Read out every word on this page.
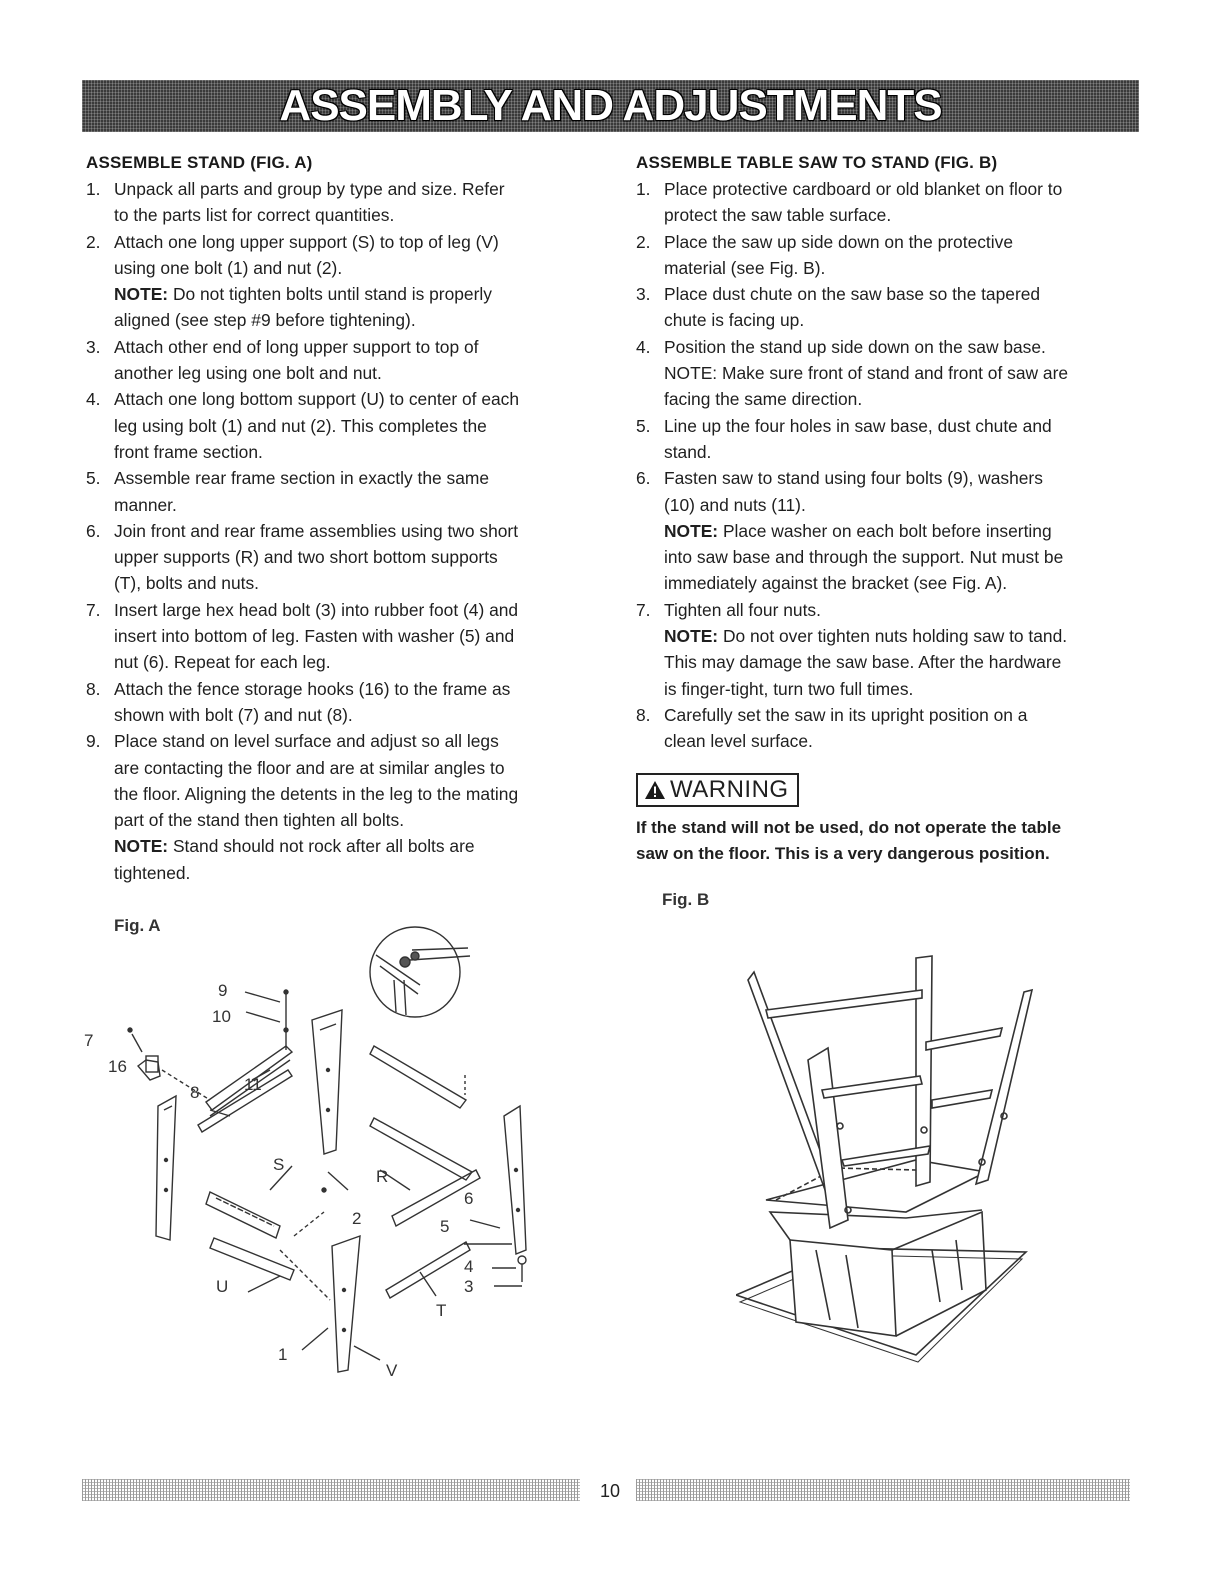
ASSEMBLY AND ADJUSTMENTS
ASSEMBLE STAND (FIG. A)
1. Unpack all parts and group by type and size. Refer
to the parts list for correct quantities.

2. Attach one long upper support (S) to top of leg (V)
using one bolt (1) and nut (2).
NOTE: Do not tighten bolts until stand is properly
aligned (see step #9 before tightening).
3. Attach other end of long upper support to top of
another leg using one bolt and nut.

4. Attach one long bottom support (U) to center of each
leg using bolt (1) and nut (2). This completes the
front frame section.

5. Assemble rear frame section in exactly the same
manner.

6. Join front and rear frame assemblies using two short
upper supports (R) and two short bottom supports
(T), bolts and nuts.

7. Insert large hex head bolt (3) into rubber foot (4) and
insert into bottom of leg. Fasten with washer (5) and
nut (6). Repeat for each leg.

8. Attach the fence storage hooks (16) to the frame as
shown with bolt (7) and nut (8).

9. Place stand on level surface and adjust so all legs
are contacting the floor and are at similar angles to
the floor. Aligning the detents in the leg to the mating
part of the stand then tighten all bolts.
NOTE: Stand should not rock after all bolts are
tightened.
ASSEMBLE TABLE SAW TO STAND (FIG. B)
1. Place protective cardboard or old blanket on floor to
protect the saw table surface.

2. Place the saw up side down on the protective
material (see Fig. B).

3. Place dust chute on the saw base so the tapered
chute is facing up.

4. Position the stand up side down on the saw base.
NOTE: Make sure front of stand and front of saw are
facing the same direction.

5. Line up the four holes in saw base, dust chute and
stand.

6. Fasten saw to stand using four bolts (9), washers
(10) and nuts (11).
NOTE: Place washer on each bolt before inserting
into saw base and through the support. Nut must be
immediately against the bracket (see Fig. A).
7. Tighten all four nuts.
NOTE: Do not over tighten nuts holding saw to tand.
This may damage the saw base. After the hardware
is finger-tight, turn two full times.
8. Carefully set the saw in its upright position on a
clean level surface.

WARNING

If the stand will not be used, do not operate the table
saw on the floor. This is a very dangerous position.

Fig. A
9
10
7
16
11
8
S
R
6
2	5
4
3
U
T
1
V
Fig. B
10
